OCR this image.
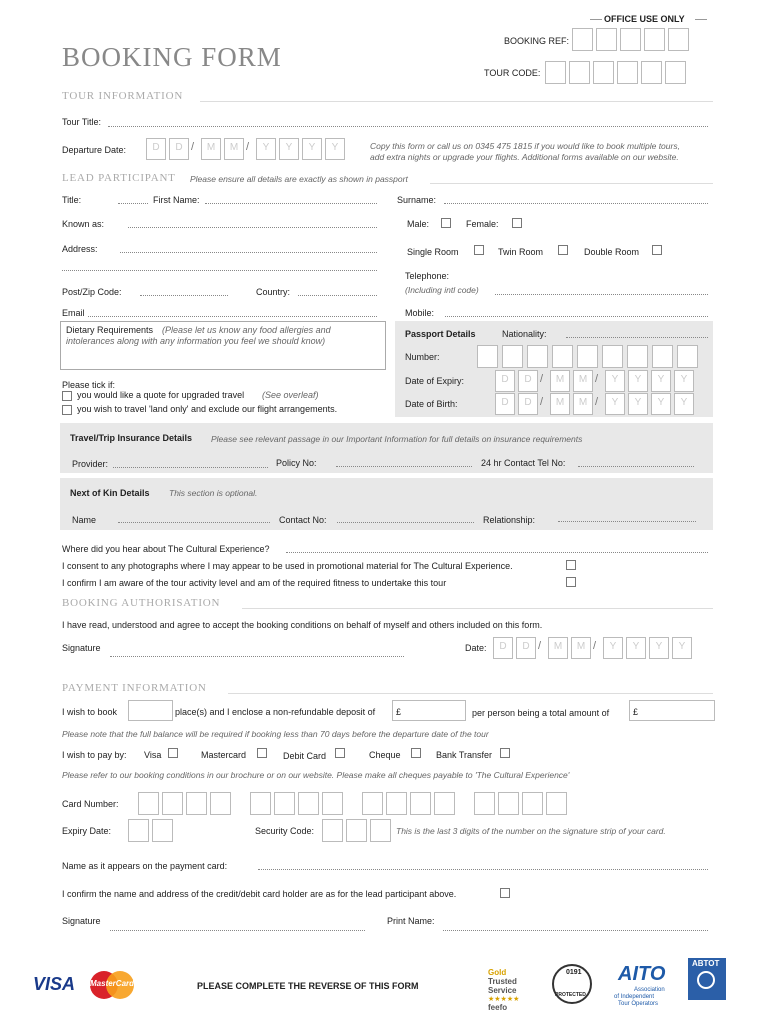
OFFICE USE ONLY
BOOKING REF:
TOUR CODE:
BOOKING FORM
TOUR INFORMATION
Tour Title:
Departure Date:	D	D /	M	M /	Y	Y	Y	Y	Copy this form or call us on 0345 475 1815 if you would like to book multiple tours,
add extra nights or upgrade your flights. Additional forms available on our website.
LEAD PARTICIPANT Please ensure all details are exactly as shown in passport
Title:	First Name:	Surname:
Known as:	Male:	Female:
Address:	Single Room	Twin Room	Double Room
Telephone:
(Including intl code)
Post/Zip Code:	Country:
Email	Mobile:
Dietary Requirements (Please let us know any food allergies and
intolerances along with any information you feel we should know)
Please tick if:
you would like a quote for upgraded travel (See overleaf)
you wish to travel 'land only' and exclude our flight arrangements.
Passport Details	Nationality:
Number:
Date of Expiry:	D	D /	M	M /	Y	Y	Y	Y
Date of Birth:	D	D /	M	M /	Y	Y	Y	Y
Travel/Trip Insurance Details Please see relevant passage in our Important Information for full details on insurance requirements
Provider:	Policy No:	24 hr Contact Tel No:
Next of Kin Details This section is optional.
Name	Contact No:	Relationship:
Where did you hear about The Cultural Experience?
I consent to any photographs where I may appear to be used in promotional material for The Cultural Experience.
I confirm I am aware of the tour activity level and am of the required fitness to undertake this tour
BOOKING AUTHORISATION
I have read, understood and agree to accept the booking conditions on behalf of myself and others included on this form.
Signature	Date:	D	D /	M	M /	Y	Y	Y	Y
PAYMENT INFORMATION
I wish to book	place(s) and I enclose a non-refundable deposit of £	per person being a total amount of	£
Please note that the full balance will be required if booking less than 70 days before the departure date of the tour
I wish to pay by: Visa	Mastercard	Debit Card	Cheque	Bank Transfer
Please refer to our booking conditions in our brochure or on our website. Please make all cheques payable to 'The Cultural Experience'
Card Number:
Expiry Date:	Security Code:	This is the last 3 digits of the number on the signature strip of your card.
Name as it appears on the payment card:
I confirm the name and address of the credit/debit card holder are as for the lead participant above.
Signature	Print Name:
VISA MasterCard	PLEASE COMPLETE THE REVERSE OF THIS FORM
Gold
Trusted
Service
★★★★★
feefo
0191
PROTECTED
AITO
Association
of Independent
Tour Operators
ABTOT
